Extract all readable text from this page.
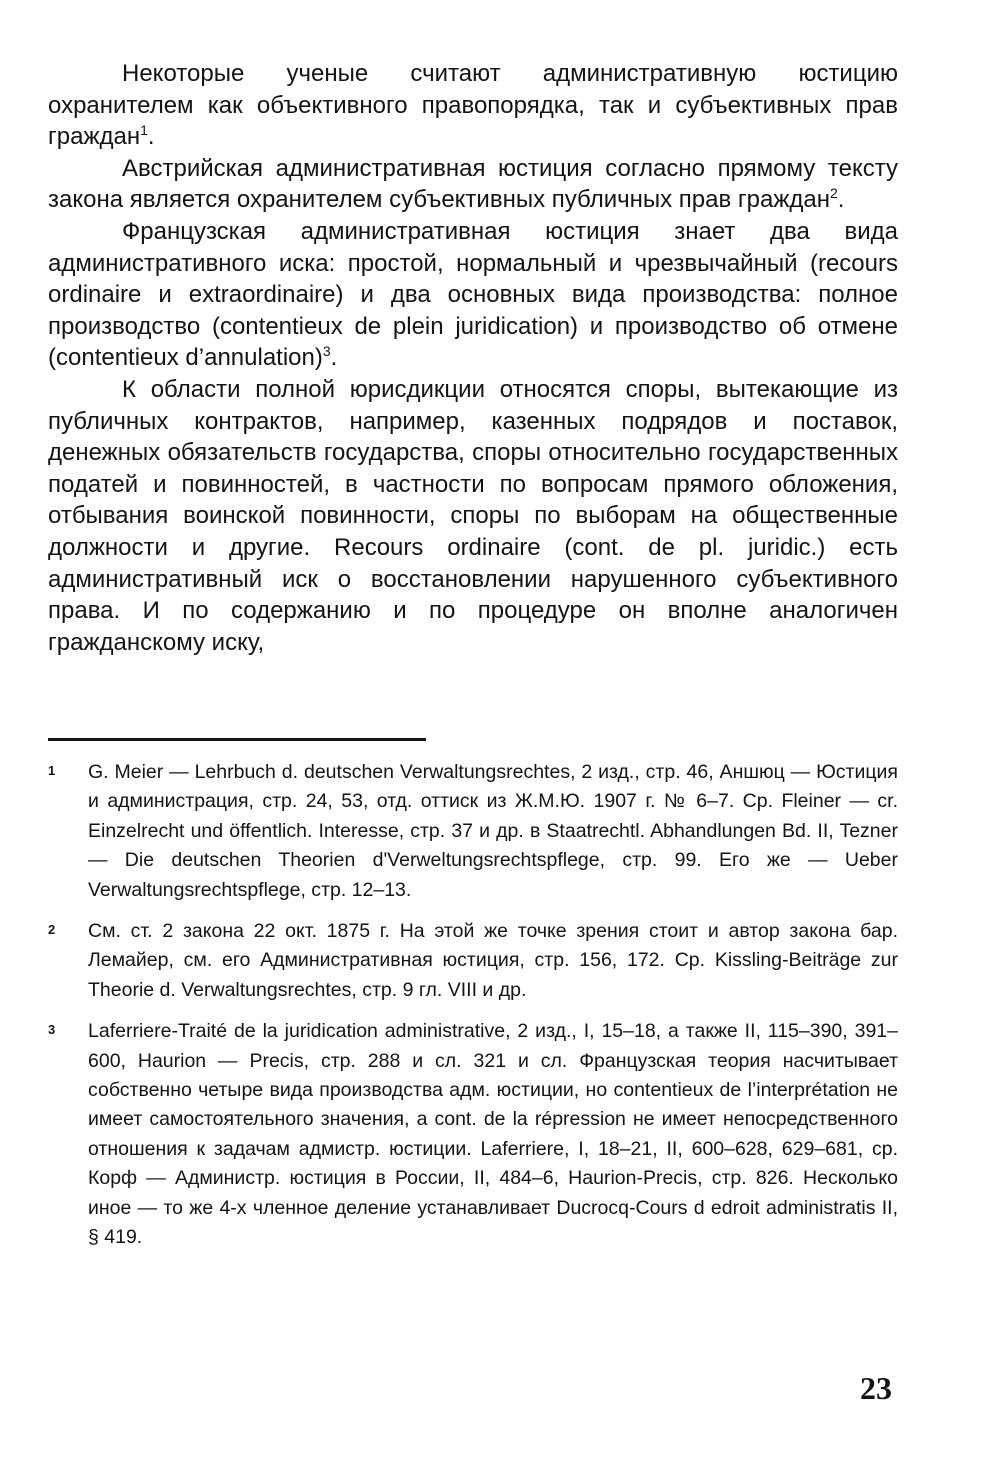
Некоторые ученые считают административную юстицию охранителем как объективного правопорядка, так и субъективных прав граждан$^1$.

Австрийская административная юстиция согласно прямому тексту закона является охранителем субъективных публичных прав граждан$^2$.

Французская административная юстиция знает два вида административного иска: простой, нормальный и чрезвычайный (recours ordinaire и extraordinaire) и два основных вида производства: полное производство (contentieux de plein juridication) и производство об отмене (contentieux d’annulation)$^3$.

К области полной юрисдикции относятся споры, вытекающие из публичных контрактов, например, казенных подрядов и поставок, денежных обязательств государства, споры относительно государственных податей и повинностей, в частности по вопросам прямого обложения, отбывания воинской повинности, споры по выборам на общественные должности и другие. Recours ordinaire (cont. de pl. juridic.) есть административный иск о восстановлении нарушенного субъективного права. И по содержанию и по процедуре он вполне аналогичен гражданскому иску,

1 G. Meier — Lehrbuch d. deutschen Verwaltungsrechtes, 2 изд., стр. 46, Аншюц — Юстиция и администрация, стр. 24, 53, отд. оттиск из Ж.М.Ю. 1907 г. № 6–7. Ср. Fleiner — cr. Einzelrecht und öffentlich. Interesse, стр. 37 и др. в Staatrechtl. Abhandlungen Bd. II, Tezner — Die deutschen Theorien d'Verweltungsrechtspflege, стр. 99. Его же — Ueber Verwaltungsrechtspflege, стр. 12–13.
2 См. ст. 2 закона 22 окт. 1875 г. На этой же точке зрения стоит и автор закона бар. Лемайер, см. его Административная юстиция, стр. 156, 172. Ср. Kissling-Beiträge zur Theorie d. Verwaltungsrechtes, стр. 9 гл. VIII и др.
3 Laferriere-Traité de la juridication administrative, 2 изд., I, 15–18, а также II, 115–390, 391–600, Haurion — Precis, стр. 288 и сл. 321 и сл. Французская теория насчитывает собственно четыре вида производства адм. юстиции, но contentieux de l’interprétation не имеет самостоятельного значения, а cont. de la répression не имеет непосредственного отношения к задачам адмистр. юстиции. Laferriere, I, 18–21, II, 600–628, 629–681, ср. Корф — Администр. юстиция в России, II, 484–6, Haurion-Precis, стр. 826. Несколько иное — то же 4-х членное деление устанавливает Ducrocq-Cours d edroit administratis II, § 419.
23
